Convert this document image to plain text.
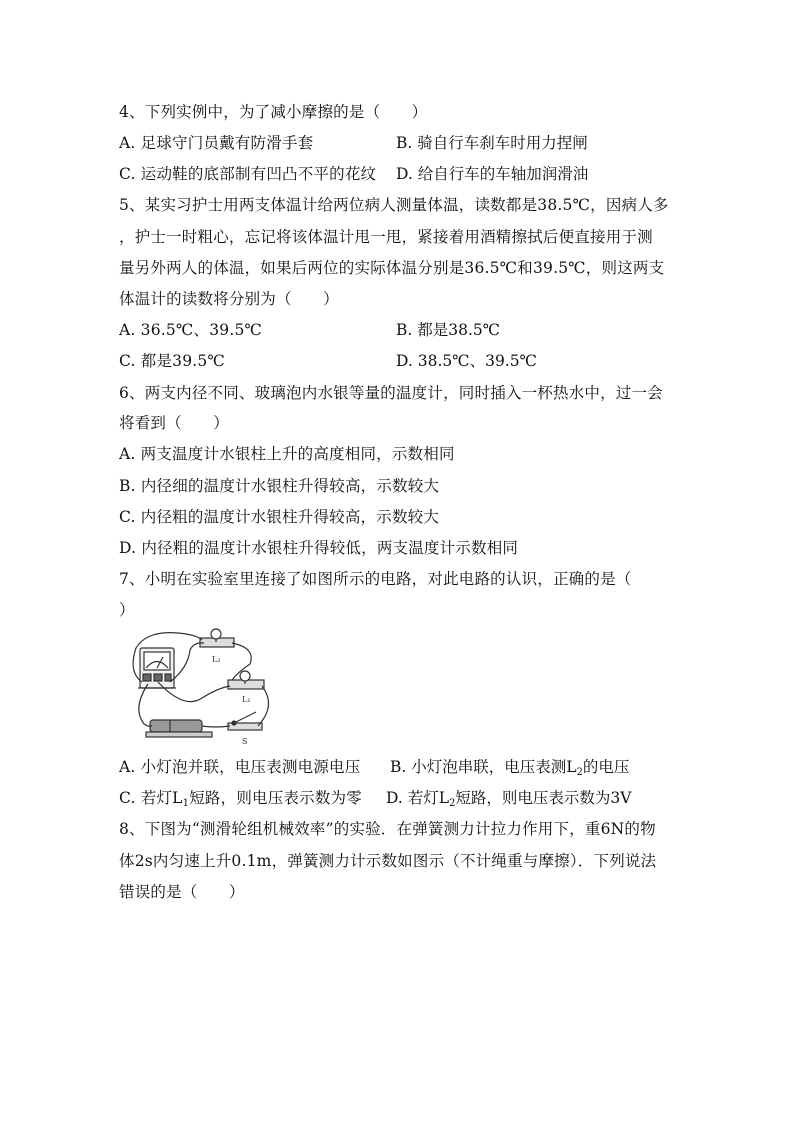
4、下列实例中，为了减小摩擦的是（　　）
A. 足球守门员戴有防滑手套	B. 骑自行车刹车时用力捏闸
C. 运动鞋的底部制有凹凸不平的花纹 D. 给自行车的车轴加润滑油
5、某实习护士用两支体温计给两位病人测量体温，读数都是38.5℃，因病人多
，护士一时粗心，忘记将该体温计甩一甩，紧接着用酒精擦拭后便直接用于测
量另外两人的体温，如果后两位的实际体温分别是36.5℃和39.5℃，则这两支
体温计的读数将分别为（　　）
A. 36.5℃、39.5℃	B. 都是38.5℃
C. 都是39.5℃	D. 38.5℃、39.5℃
6、两支内径不同、玻璃泡内水银等量的温度计，同时插入一杯热水中，过一会
将看到（　　）
A. 两支温度计水银柱上升的高度相同，示数相同
B. 内径细的温度计水银柱升得较高，示数较大
C. 内径粗的温度计水银柱升得较高，示数较大
D. 内径粗的温度计水银柱升得较低，两支温度计示数相同
7、小明在实验室里连接了如图所示的电路，对此电路的认识，正确的是（
）
L₂
L₁
S
A. 小灯泡并联，电压表测电源电压 B. 小灯泡串联，电压表测$L_2$的电压
C. 若灯$L_1$短路，则电压表示数为零 D. 若灯$L_2$短路，则电压表示数为3V
8、下图为“测滑轮组机械效率”的实验．在弹簧测力计拉力作用下，重6N的物
体2s内匀速上升0.1m，弹簧测力计示数如图示（不计绳重与摩擦）．下列说法
错误的是（　　）
